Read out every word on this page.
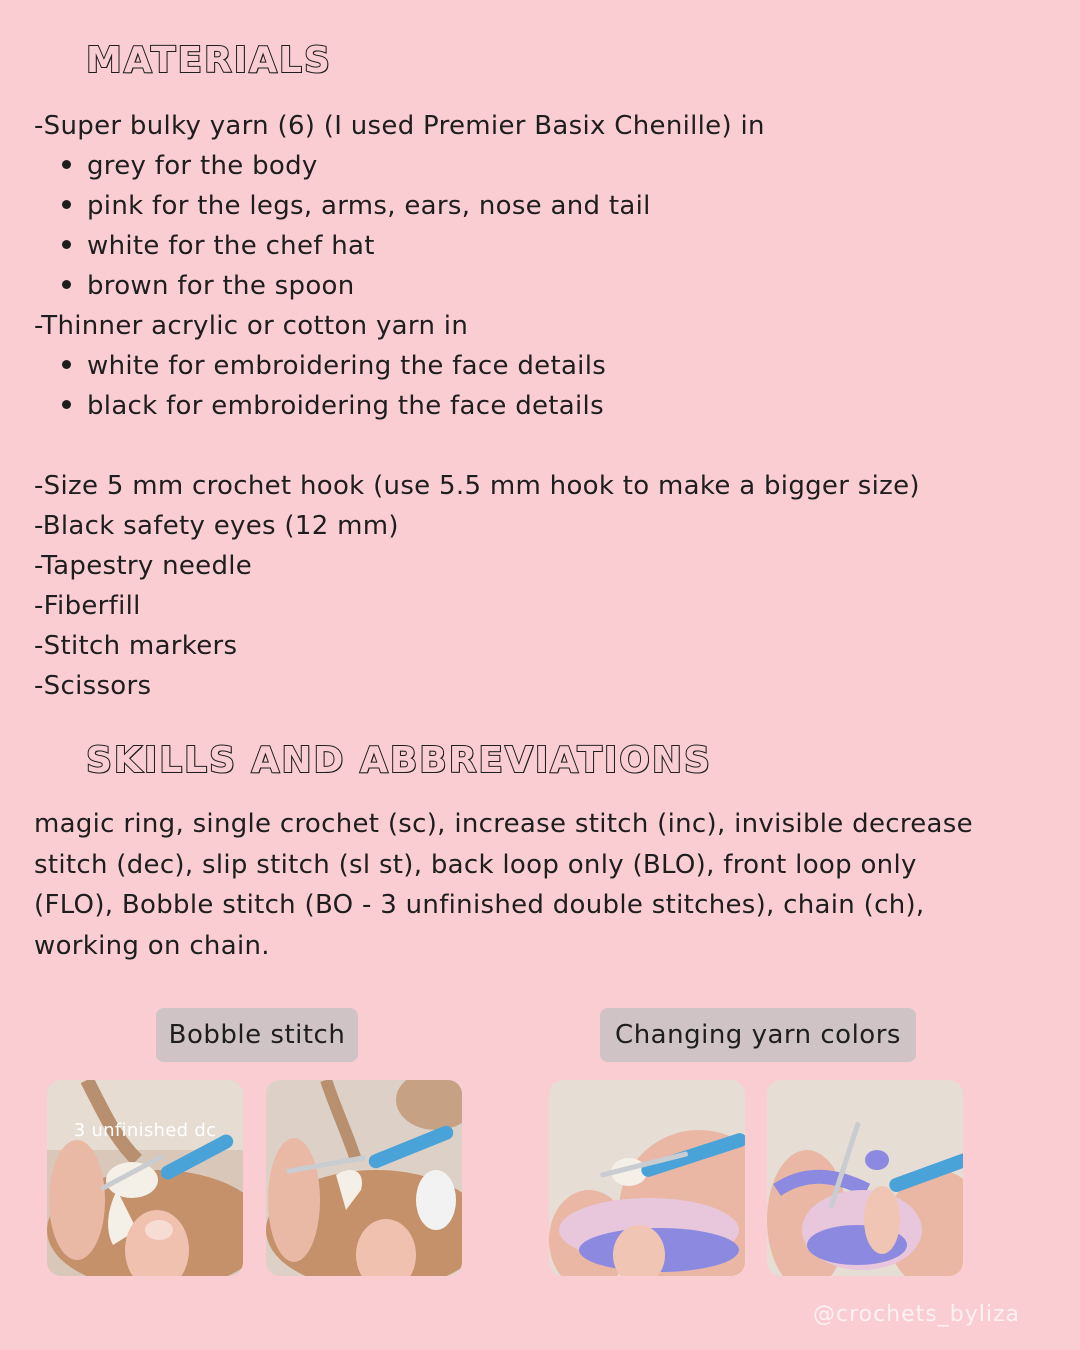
MATERIALS
-Super bulky yarn (6) (I used Premier Basix Chenille) in
grey for the body
pink for the legs, arms, ears, nose and tail
white for the chef hat
brown for the spoon
-Thinner acrylic or cotton yarn in
white for embroidering the face details
black for embroidering the face details
-Size 5 mm crochet hook (use 5.5 mm hook to make a bigger size)
-Black safety eyes (12 mm)
-Tapestry needle
-Fiberfill
-Stitch markers
-Scissors
SKILLS AND ABBREVIATIONS

magic ring, single crochet (sc), increase stitch (inc), invisible decrease stitch (dec), slip stitch (sl st), back loop only (BLO), front loop only (FLO), Bobble stitch (BO - 3 unfinished double stitches), chain (ch), working on chain.

Bobble stitch	Changing yarn colors
3 unfinished dc
@crochets_byliza
